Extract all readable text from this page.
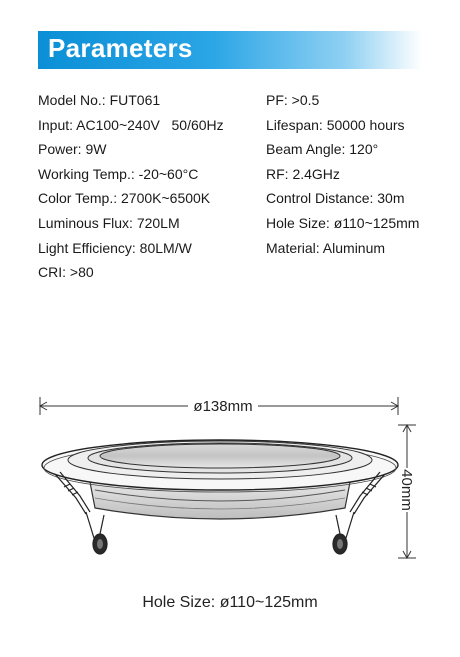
Parameters
Model No.: FUT061
Input: AC100~240V   50/60Hz
Power: 9W
Working Temp.: -20~60°C
Color Temp.: 2700K~6500K
Luminous Flux: 720LM
Light Efficiency: 80LM/W
CRI: >80
PF: >0.5
Lifespan: 50000 hours
Beam Angle: 120°
RF: 2.4GHz
Control Distance: 30m
Hole Size: ø110~125mm
Material: Aluminum
ø138mm
40mm
Hole Size: ø110~125mm
